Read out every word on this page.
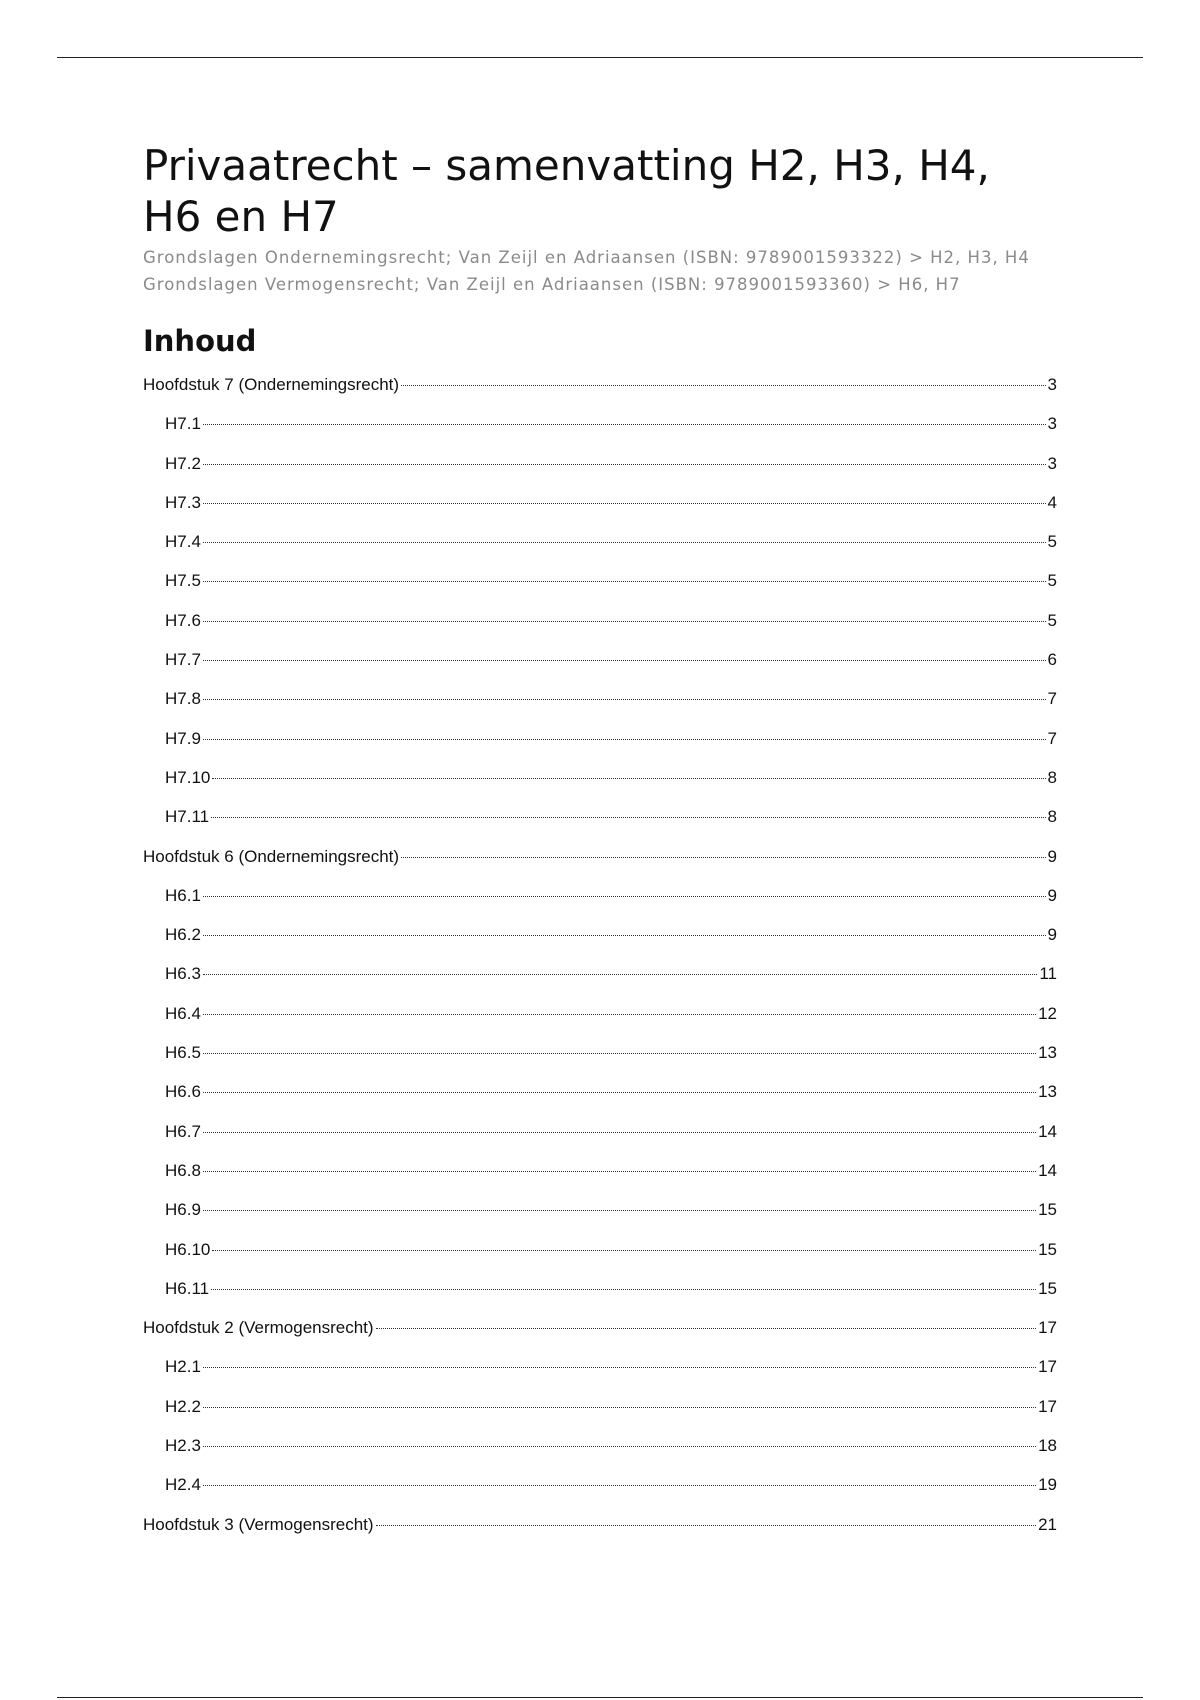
Privaatrecht – samenvatting H2, H3, H4, H6 en H7
Grondslagen Ondernemingsrecht; Van Zeijl en Adriaansen (ISBN: 9789001593322) > H2, H3, H4
Grondslagen Vermogensrecht; Van Zeijl en Adriaansen (ISBN: 9789001593360) > H6, H7
Inhoud
Hoofdstuk 7 (Ondernemingsrecht)	3
H7.1	3
H7.2	3
H7.3	4
H7.4	5
H7.5	5
H7.6	5
H7.7	6
H7.8	7
H7.9	7
H7.10	8
H7.11	8
Hoofdstuk 6 (Ondernemingsrecht)	9
H6.1	9
H6.2	9
H6.3	11
H6.4	12
H6.5	13
H6.6	13
H6.7	14
H6.8	14
H6.9	15
H6.10	15
H6.11	15
Hoofdstuk 2 (Vermogensrecht)	17
H2.1	17
H2.2	17
H2.3	18
H2.4	19
Hoofdstuk 3 (Vermogensrecht)	21
